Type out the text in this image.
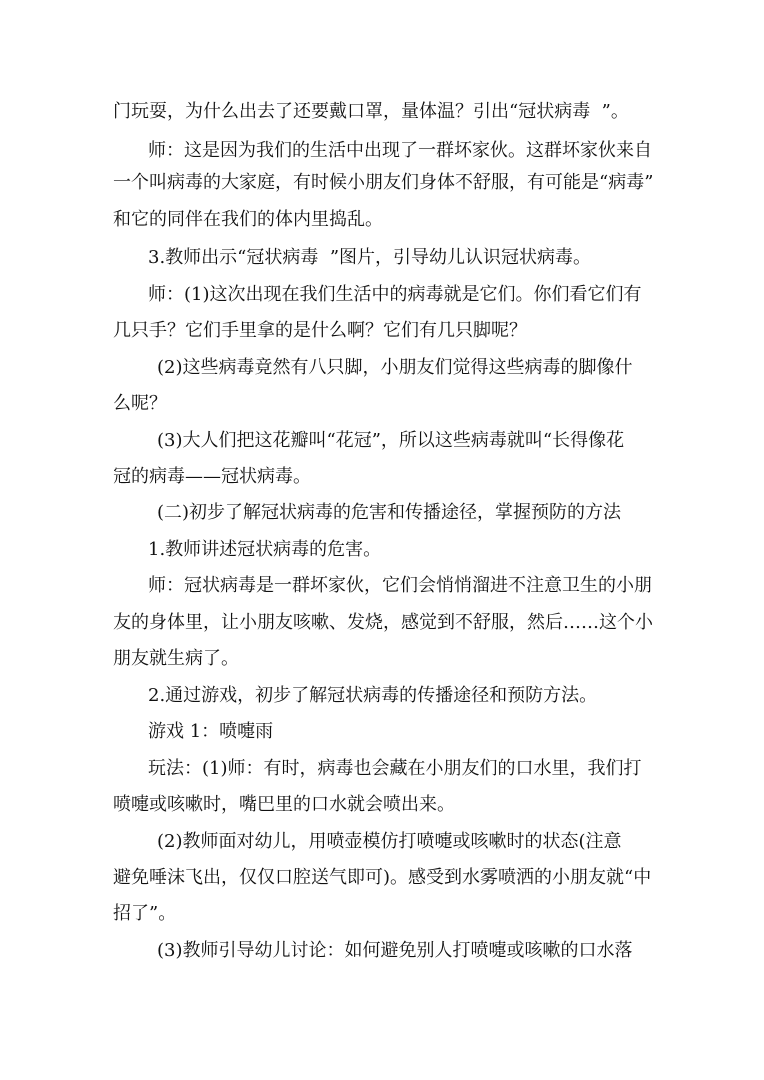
门玩耍，为什么出去了还要戴口罩，量体温？引出“冠状病毒  ”。
师：这是因为我们的生活中出现了一群坏家伙。这群坏家伙来自
一个叫病毒的大家庭，有时候小朋友们身体不舒服，有可能是“病毒”
和它的同伴在我们的体内里捣乱。
3.教师出示“冠状病毒  ”图片，引导幼儿认识冠状病毒。
师：(1)这次出现在我们生活中的病毒就是它们。你们看它们有
几只手？它们手里拿的是什么啊？它们有几只脚呢？
(2)这些病毒竟然有八只脚，小朋友们觉得这些病毒的脚像什
么呢？
(3)大人们把这花瓣叫“花冠”，所以这些病毒就叫“长得像花
冠的病毒——冠状病毒。
(二)初步了解冠状病毒的危害和传播途径，掌握预防的方法
1.教师讲述冠状病毒的危害。
师：冠状病毒是一群坏家伙，它们会悄悄溜进不注意卫生的小朋
友的身体里，让小朋友咳嗽、发烧，感觉到不舒服，然后……这个小
朋友就生病了。
2.通过游戏，初步了解冠状病毒的传播途径和预防方法。
游戏 1：喷嚏雨
玩法：(1)师：有时，病毒也会藏在小朋友们的口水里，我们打
喷嚏或咳嗽时，嘴巴里的口水就会喷出来。
(2)教师面对幼儿，用喷壶模仿打喷嚏或咳嗽时的状态(注意
避免唾沫飞出，仅仅口腔送气即可)。感受到水雾喷洒的小朋友就“中
招了”。
(3)教师引导幼儿讨论：如何避免别人打喷嚏或咳嗽的口水落
